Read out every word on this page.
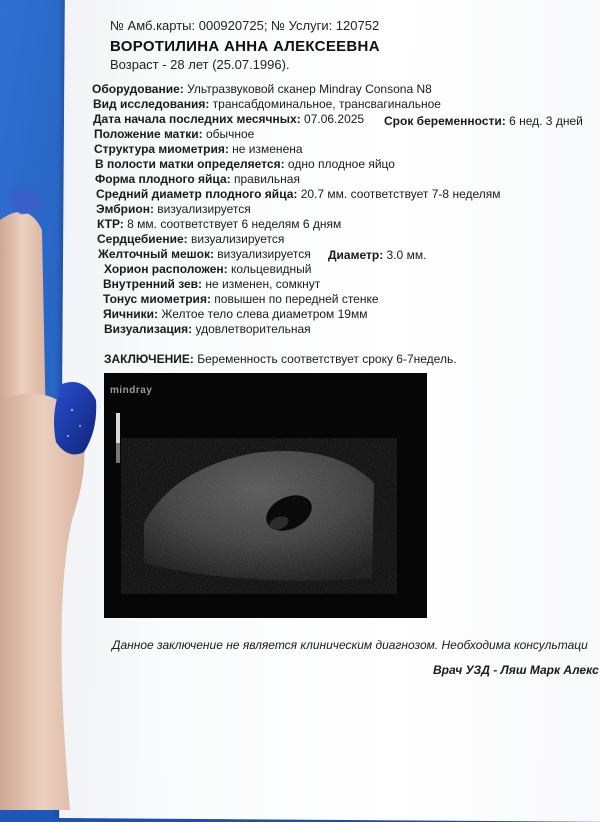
№ Амб.карты: 000920725; № Услуги: 120752
ВОРОТИЛИНА АННА АЛЕКСЕЕВНА
Возраст - 28 лет (25.07.1996).
Оборудование: Ультразвуковой сканер Mindray Consona N8
Вид исследования: трансабдоминальное, трансвагинальное
Дата начала последних месячных: 07.06.2025 Срок беременности: 6 нед. 3 дней
Положение матки: обычное
Структура миометрия: не изменена
В полости матки определяется: одно плодное яйцо
Форма плодного яйца: правильная
Средний диаметр плодного яйца: 20.7 мм. соответствует 7-8 неделям
Эмбрион: визуализируется
КТР: 8 мм. соответствует 6 неделям 6 дням
Сердцебиение: визуализируется
Желточный мешок: визуализируется Диаметр: 3.0 мм.
Хорион расположен: кольцевидный
Внутренний зев: не изменен, сомкнут
Тонус миометрия: повышен по передней стенке
Яичники: Желтое тело слева диаметром 19мм
Визуализация: удовлетворительная
ЗАКЛЮЧЕНИЕ: Беременность соответствует сроку 6-7недель.
mindray
Данное заключение не является клиническим диагнозом. Необходима консультаци
Врач УЗД - Ляш Марк Алекс
